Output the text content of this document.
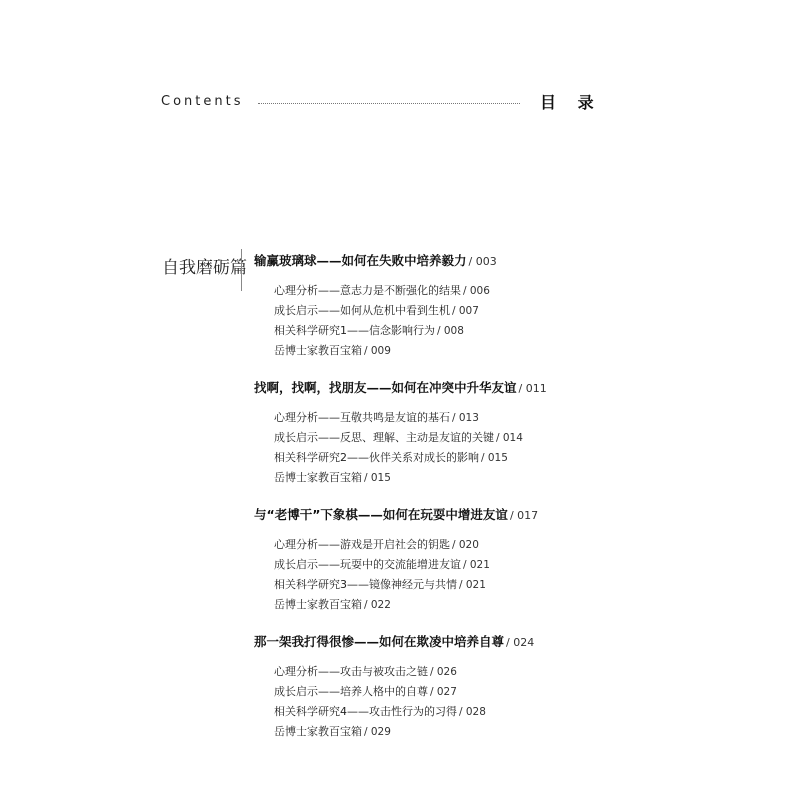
Contents	目 录
自我磨砺篇 输赢玻璃球——如何在失败中培养毅力 / 003
心理分析——意志力是不断强化的结果 / 006
成长启示——如何从危机中看到生机 / 007
相关科学研究1——信念影响行为 / 008
岳博士家教百宝箱 / 009
找啊，找啊，找朋友——如何在冲突中升华友谊 / 011
心理分析——互敬共鸣是友谊的基石 / 013
成长启示——反思、理解、主动是友谊的关键 / 014
相关科学研究2——伙伴关系对成长的影响 / 015
岳博士家教百宝箱 / 015
与“老博干”下象棋——如何在玩耍中增进友谊 / 017
心理分析——游戏是开启社会的钥匙 / 020
成长启示——玩耍中的交流能增进友谊 / 021
相关科学研究3——镜像神经元与共情 / 021
岳博士家教百宝箱 / 022
那一架我打得很惨——如何在欺凌中培养自尊 / 024
心理分析——攻击与被攻击之链 / 026
成长启示——培养人格中的自尊 / 027
相关科学研究4——攻击性行为的习得 / 028
岳博士家教百宝箱 / 029
